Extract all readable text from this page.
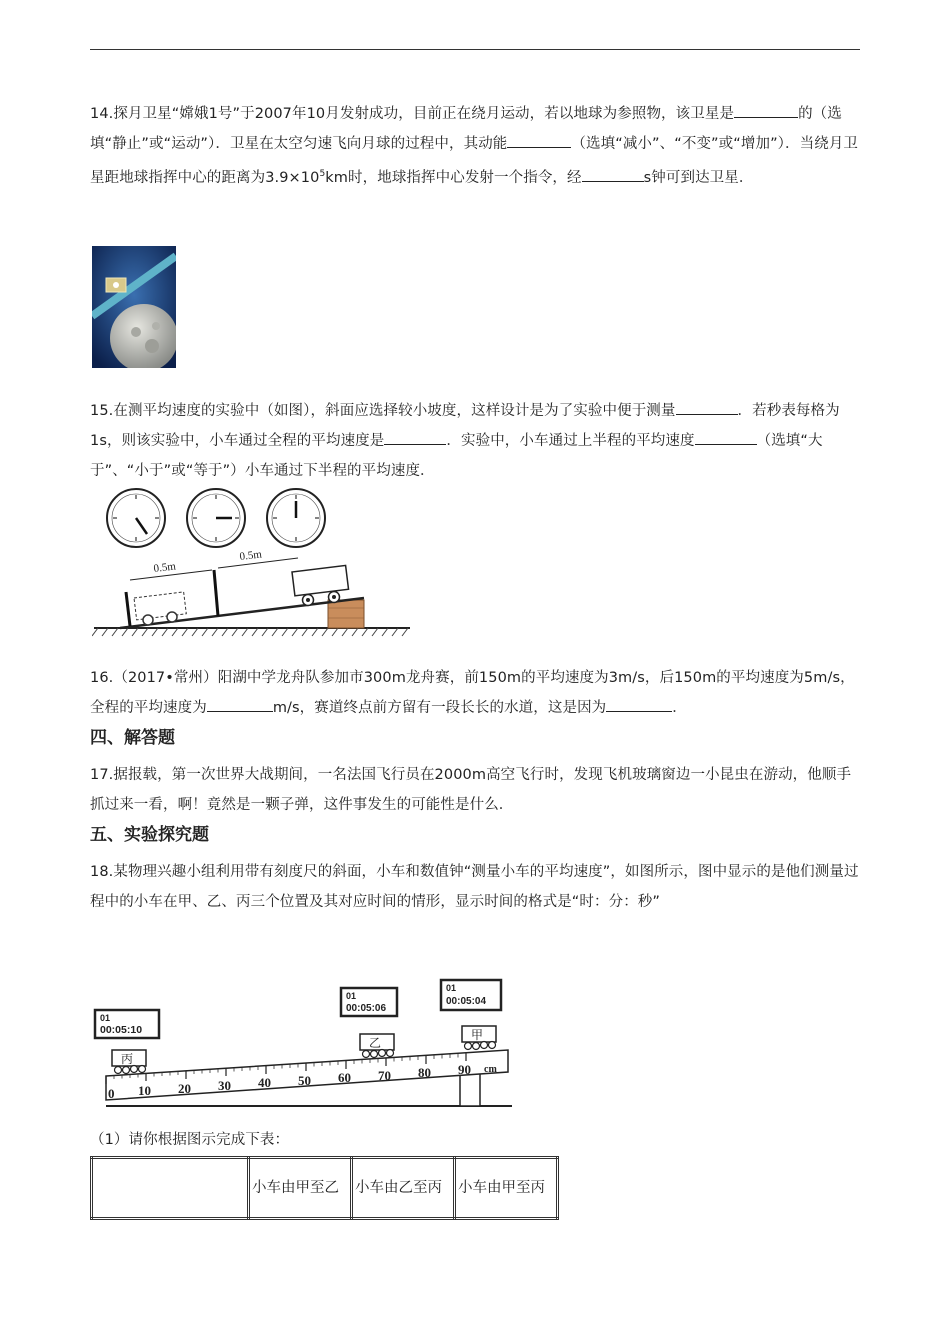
14.探月卫星“嫦娥1号”于2007年10月发射成功，目前正在绕月运动，若以地球为参照物，该卫星是	的（选填“静止”或“运动”）．卫星在太空匀速飞向月球的过程中，其动能	（选填“减小”、“不变”或“增加”）．当绕月卫星距地球指挥中心的距离为$3.9\times 10^5km$时，地球指挥中心发射一个指令，经	s钟可到达卫星．
15.在测平均速度的实验中（如图），斜面应选择较小坡度，这样设计是为了实验中便于测量	．若秒表每格为1s，则该实验中，小车通过全程的平均速度是	．实验中，小车通过上半程的平均速度	（选填“大于”、“小于”或“等于”）小车通过下半程的平均速度．
0.5m
0.5m
16.（2017•常州）阳湖中学龙舟队参加市300m龙舟赛，前150m的平均速度为3m/s，后150m的平均速度为5m/s，全程的平均速度为	m/s，赛道终点前方留有一段长长的水道，这是因为	．
四、解答题
17.据报载，第一次世界大战期间，一名法国飞行员在2000m高空飞行时，发现飞机玻璃窗边一小昆虫在游动，他顺手抓过来一看，啊！竟然是一颗子弹，这件事发生的可能性是什么．
五、实验探究题
18.某物理兴趣小组利用带有刻度尺的斜面，小车和数值钟“测量小车的平均速度”，如图所示，图中显示的是他们测量过程中的小车在甲、乙、丙三个位置及其对应时间的情形，显示时间的格式是“时：分：秒”
0 10 20 30 40 50 60 70 80 90 cm
丙
乙
甲
01
00:05:10
01
00:05:06
01
00:05:04
（1）请你根据图示完成下表：
	小车由甲至乙	小车由乙至丙	小车由甲至丙
